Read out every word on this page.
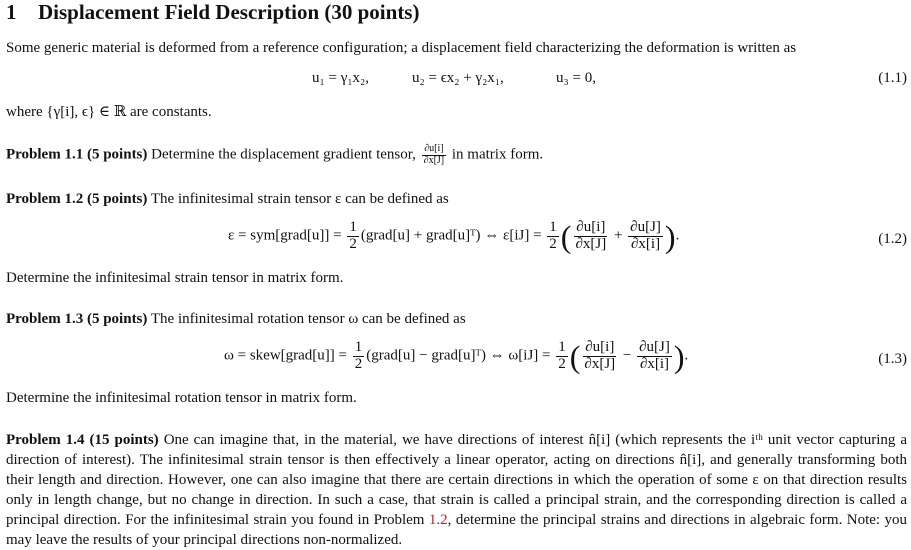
1 Displacement Field Description (30 points)
Some generic material is deformed from a reference configuration; a displacement field characterizing the deformation is written as
u₁ = γ₁x₂,	u₂ = ϵx₂ + γ₂x₁,	u₃ = 0,	(1.1)
where {γ[i], ϵ} ∈ ℝ are constants.
Problem 1.1 (5 points) Determine the displacement gradient tensor, $\frac{\partial u[i]}{\partial x[J]}$ in matrix form.
Problem 1.2 (5 points) The infinitesimal strain tensor ε can be defined as
ε = sym[grad[u]] = $\frac{1}{2}$ (grad[u] + grad[u]ᵀ) ⇔ $\varepsilon[iJ] = \frac{1}{2}$ ( $\frac{\partial u[i]}{\partial x[J]} + \frac{\partial u[J]}{\partial x[i]}$ ).	(1.2)
Determine the infinitesimal strain tensor in matrix form.
Problem 1.3 (5 points) The infinitesimal rotation tensor ω can be defined as
ω = skew[grad[u]] = $\frac{1}{2}$ (grad[u] − grad[u]ᵀ) ⇔ $\omega[iJ] = \frac{1}{2}$ ( $\frac{\partial u[i]}{\partial x[J]} - \frac{\partial u[J]}{\partial x[i]}$ ).	(1.3)
Determine the infinitesimal rotation tensor in matrix form.
Problem 1.4 (15 points) One can imagine that, in the material, we have directions of interest n̂[i] (which represents the iᵗʰ unit vector capturing a direction of interest). The infinitesimal strain tensor is then effectively a linear operator, acting on directions n̂[i], and generally transforming both their length and direction. However, one can also imagine that there are certain directions in which the operation of some ε on that direction results only in length change, but no change in direction. In such a case, that strain is called a principal strain, and the corresponding direction is called a principal direction. For the infinitesimal strain you found in Problem 1.2, determine the principal strains and directions in algebraic form. Note: you may leave the results of your principal directions non-normalized.
